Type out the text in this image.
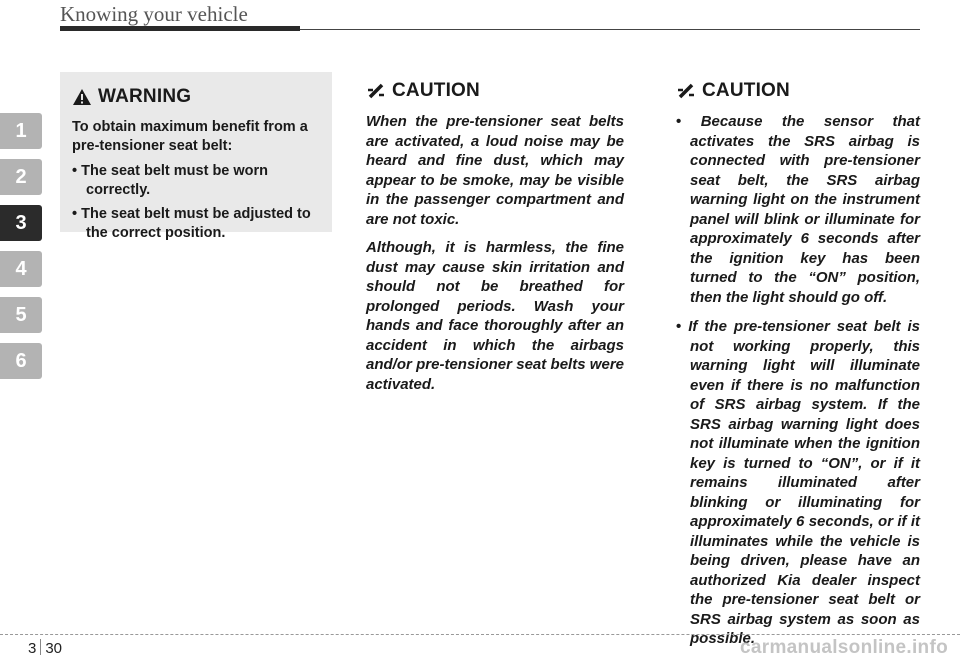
Knowing your vehicle
1
2
3
4
5
6
WARNING
To obtain maximum benefit from a pre-tensioner seat belt:
• The seat belt must be worn correctly.
• The seat belt must be adjusted to the correct position.
CAUTION

When the pre-tensioner seat belts are activated, a loud noise may be heard and fine dust, which may appear to be smoke, may be visible in the passenger compartment and are not toxic.

Although, it is harmless, the fine dust may cause skin irritation and should not be breathed for prolonged periods. Wash your hands and face thoroughly after an accident in which the airbags and/or pre-tensioner seat belts were activated.

CAUTION
• Because the sensor that activates the SRS airbag is connected with pre-tensioner seat belt, the SRS airbag warning light on the instrument panel will blink or illuminate for approximately 6 seconds after the ignition key has been turned to the “ON” position, then the light should go off.
• If the pre-tensioner seat belt is not working properly, this warning light will illuminate even if there is no malfunction of SRS airbag system. If the SRS airbag warning light does not illuminate when the ignition key is turned to “ON”, or if it remains illuminated after blinking or illuminating for approximately 6 seconds, or if it illuminates while the vehicle is being driven, please have an authorized Kia dealer inspect the pre-tensioner seat belt or SRS airbag system as soon as possible.
3 30	carmanualsonline.info
